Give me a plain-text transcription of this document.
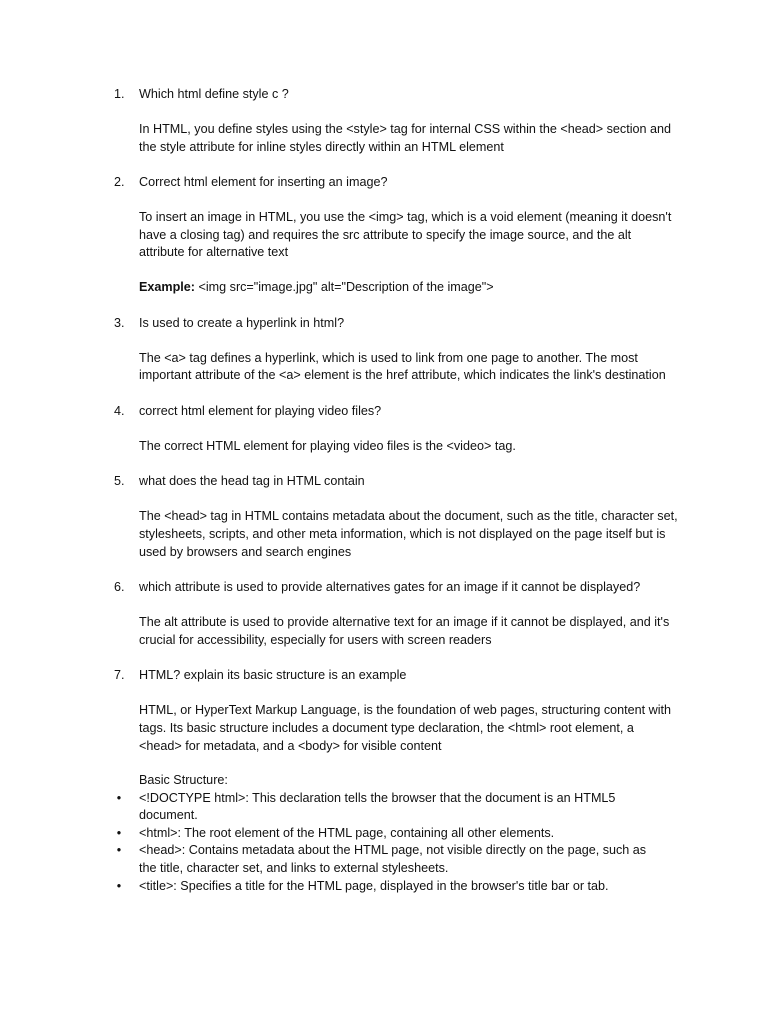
1.	Which html define style c ?
In HTML, you define styles using the <style> tag for internal CSS within the <head> section and the style attribute for inline styles directly within an HTML element
2.	Correct html element for inserting an image?
To insert an image in HTML, you use the <img> tag, which is a void element (meaning it doesn't have a closing tag) and requires the src attribute to specify the image source, and the alt attribute for alternative text
Example: <img src="image.jpg" alt="Description of the image">
3.	Is used to create a hyperlink in html?
The <a> tag defines a hyperlink, which is used to link from one page to another. The most important attribute of the <a> element is the href attribute, which indicates the link's destination
4.	correct html element for playing video files?
The correct HTML element for playing video files is the <video> tag.
5.	what does the head tag in HTML contain
The <head> tag in HTML contains metadata about the document, such as the title, character set, stylesheets, scripts, and other meta information, which is not displayed on the page itself but is used by browsers and search engines
6.	which attribute is used to provide alternatives gates for an image if it cannot be displayed?
The alt attribute is used to provide alternative text for an image if it cannot be displayed, and it's crucial for accessibility, especially for users with screen readers
7.	HTML? explain its basic structure is an example
HTML, or HyperText Markup Language, is the foundation of web pages, structuring content with tags. Its basic structure includes a document type declaration, the <html> root element, a <head> for metadata, and a <body> for visible content
Basic Structure:
•	<!DOCTYPE html>: This declaration tells the browser that the document is an HTML5 document.
•	<html>: The root element of the HTML page, containing all other elements.
•	<head>: Contains metadata about the HTML page, not visible directly on the page, such as the title, character set, and links to external stylesheets.
•	<title>: Specifies a title for the HTML page, displayed in the browser's title bar or tab.
